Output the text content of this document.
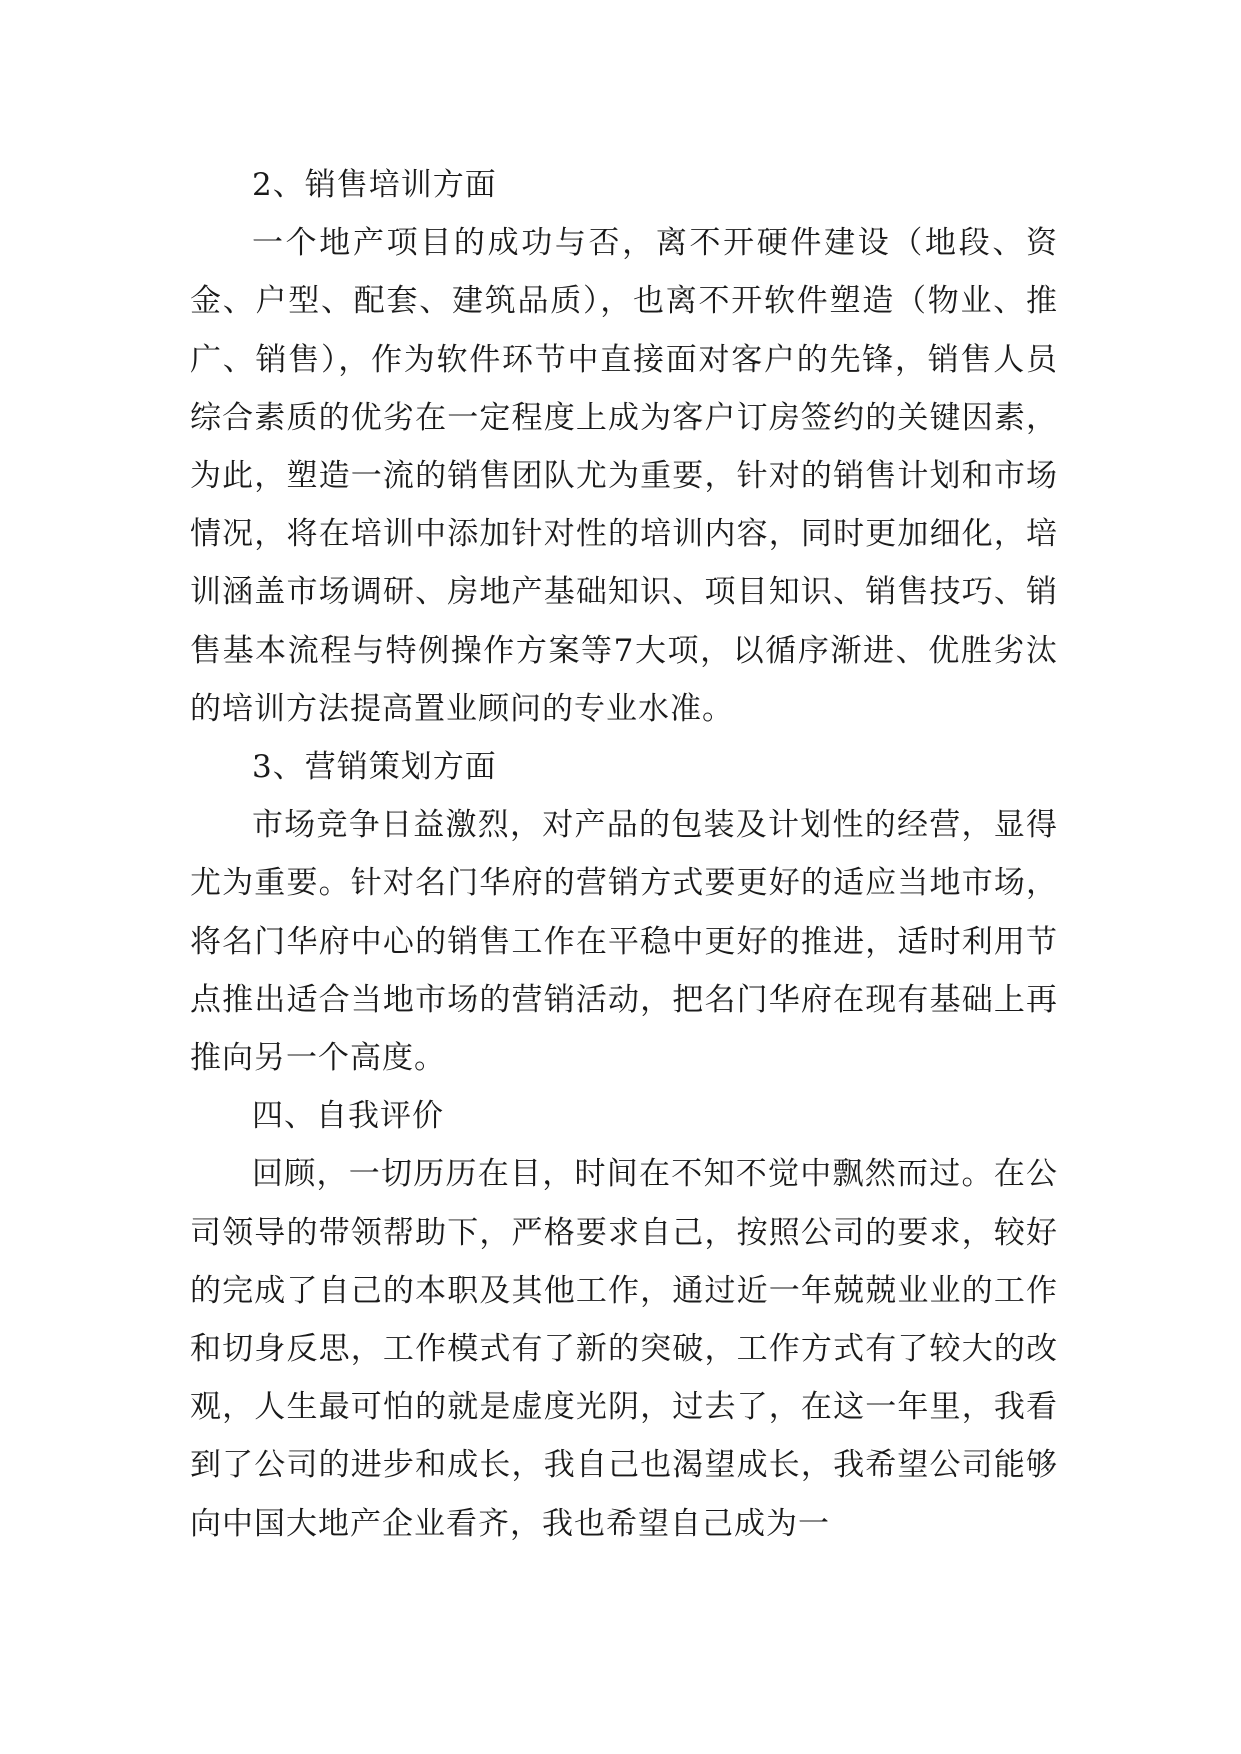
2、销售培训方面

一个地产项目的成功与否，离不开硬件建设（地段、资金、户型、配套、建筑品质），也离不开软件塑造（物业、推广、销售），作为软件环节中直接面对客户的先锋，销售人员综合素质的优劣在一定程度上成为客户订房签约的关键因素，为此，塑造一流的销售团队尤为重要，针对的销售计划和市场情况，将在培训中添加针对性的培训内容，同时更加细化，培训涵盖市场调研、房地产基础知识、项目知识、销售技巧、销售基本流程与特例操作方案等7大项，以循序渐进、优胜劣汰的培训方法提高置业顾问的专业水准。

3、营销策划方面

市场竞争日益激烈，对产品的包装及计划性的经营，显得尤为重要。针对名门华府的营销方式要更好的适应当地市场，将名门华府中心的销售工作在平稳中更好的推进，适时利用节点推出适合当地市场的营销活动，把名门华府在现有基础上再推向另一个高度。

四、自我评价

回顾，一切历历在目，时间在不知不觉中飘然而过。在公司领导的带领帮助下，严格要求自己，按照公司的要求，较好的完成了自己的本职及其他工作，通过近一年兢兢业业的工作和切身反思，工作模式有了新的突破，工作方式有了较大的改观，人生最可怕的就是虚度光阴，过去了，在这一年里，我看到了公司的进步和成长，我自己也渴望成长，我希望公司能够向中国大地产企业看齐，我也希望自己成为一
